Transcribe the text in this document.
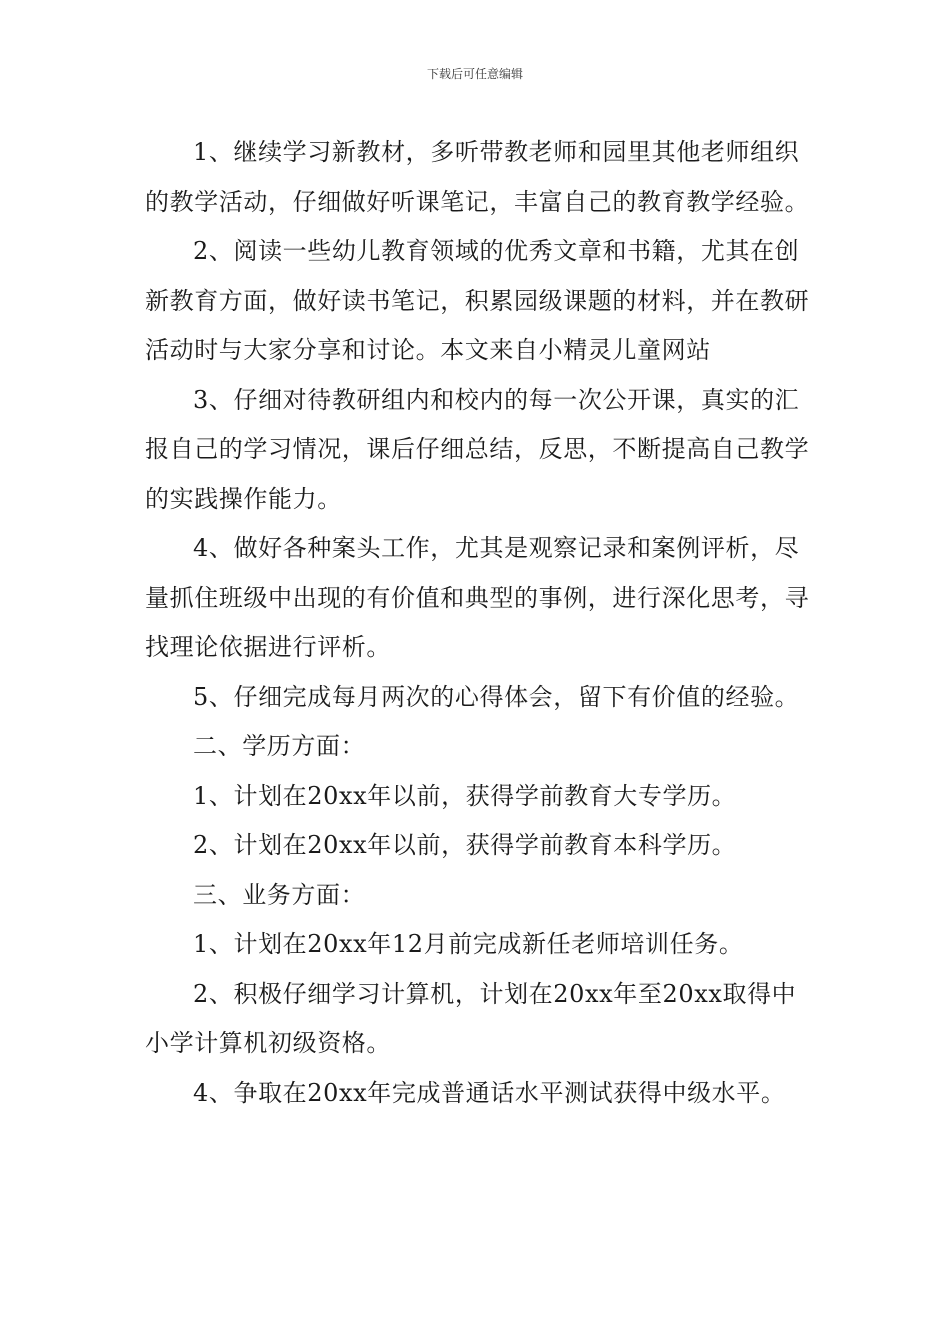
下载后可任意编辑

1、继续学习新教材，多听带教老师和园里其他老师组织的教学活动，仔细做好听课笔记，丰富自己的教育教学经验。

2、阅读一些幼儿教育领域的优秀文章和书籍，尤其在创新教育方面，做好读书笔记，积累园级课题的材料，并在教研活动时与大家分享和讨论。本文来自小精灵儿童网站

3、仔细对待教研组内和校内的每一次公开课，真实的汇报自己的学习情况，课后仔细总结，反思，不断提高自己教学的实践操作能力。

4、做好各种案头工作，尤其是观察记录和案例评析，尽量抓住班级中出现的有价值和典型的事例，进行深化思考，寻找理论依据进行评析。

5、仔细完成每月两次的心得体会，留下有价值的经验。

二、学历方面：

1、计划在20xx年以前，获得学前教育大专学历。

2、计划在20xx年以前，获得学前教育本科学历。

三、业务方面：

1、计划在20xx年12月前完成新任老师培训任务。

2、积极仔细学习计算机，计划在20xx年至20xx取得中小学计算机初级资格。

4、争取在20xx年完成普通话水平测试获得中级水平。
